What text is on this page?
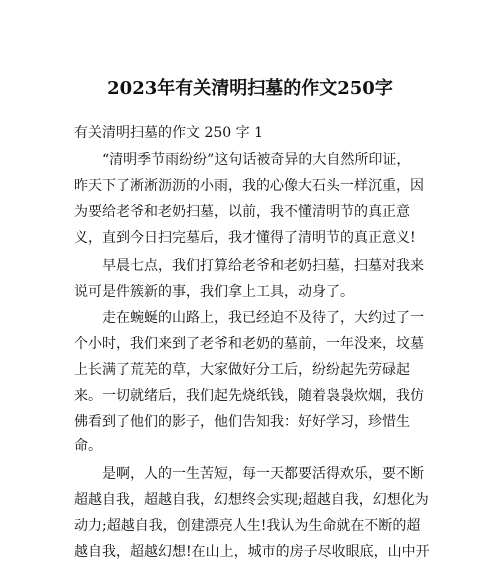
2023年有关清明扫墓的作文250字

有关清明扫墓的作文 250 字 1

“清明季节雨纷纷”这句话被奇异的大自然所印证，

昨天下了淅淅沥沥的小雨，我的心像大石头一样沉重，因

为要给老爷和老奶扫墓，以前，我不懂清明节的真正意

义，直到今日扫完墓后，我才懂得了清明节的真正意义!

早晨七点，我们打算给老爷和老奶扫墓，扫墓对我来

说可是件簇新的事，我们拿上工具，动身了。

走在蜿蜒的山路上，我已经迫不及待了，大约过了一

个小时，我们来到了老爷和老奶的墓前，一年没来，坟墓

上长满了荒芜的草，大家做好分工后，纷纷起先劳碌起

来。一切就绪后，我们起先烧纸钱，随着袅袅炊烟，我仿

佛看到了他们的影子，他们告知我：好好学习，珍惜生

命。

是啊，人的一生苦短，每一天都要活得欢乐，要不断

超越自我，超越自我，幻想终会实现;超越自我，幻想化为

动力;超越自我，创建漂亮人生!我认为生命就在不断的超

越自我，超越幻想!在山上，城市的房子尽收眼底，山中开
